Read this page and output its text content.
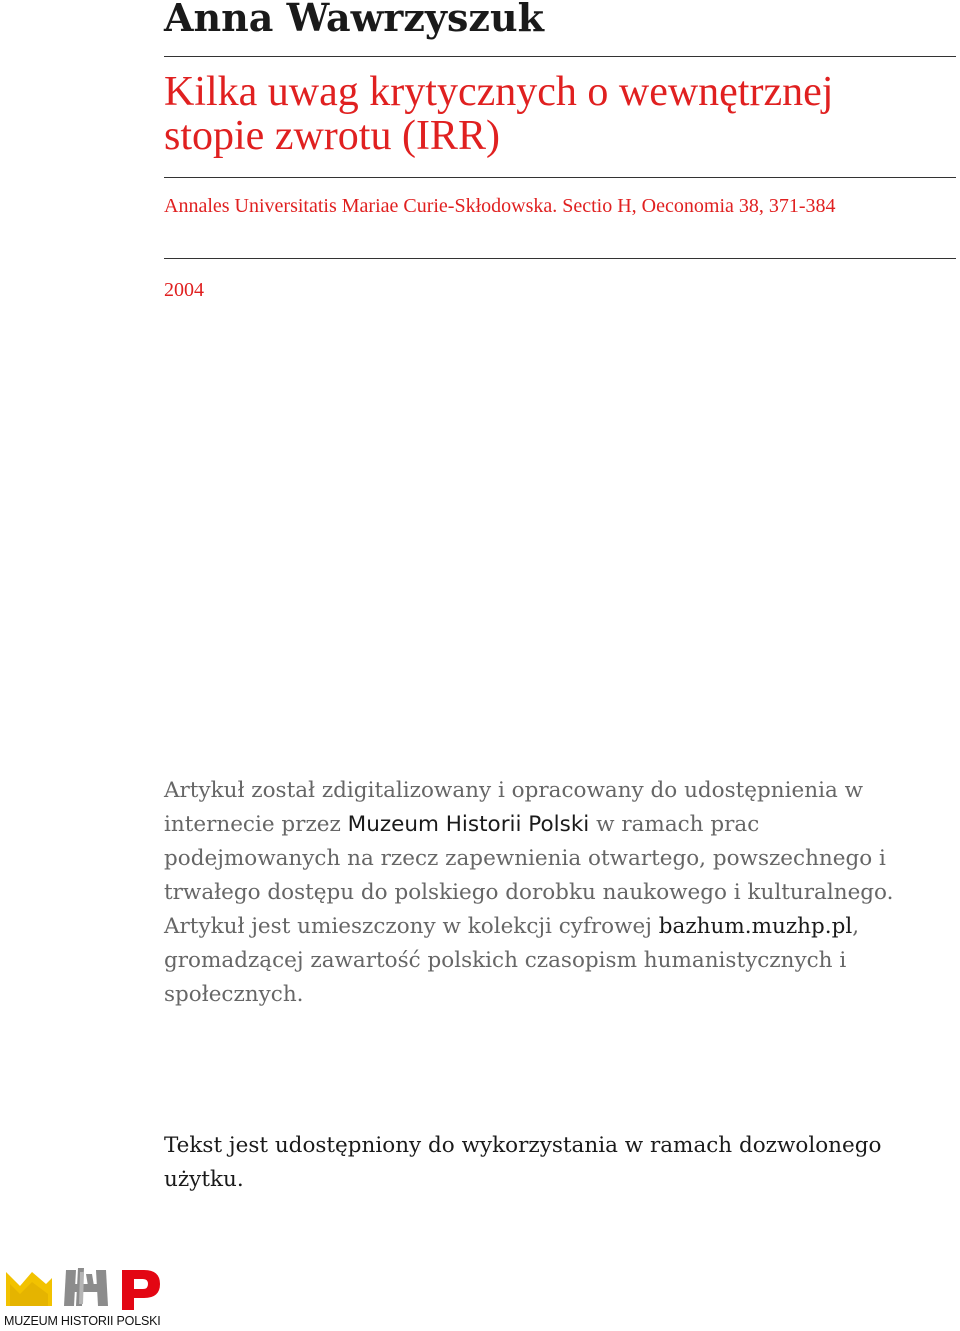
Anna Wawrzyszuk
Kilka uwag krytycznych o wewnętrznej stopie zwrotu (IRR)
Annales Universitatis Mariae Curie-Skłodowska. Sectio H, Oeconomia 38, 371-384
2004

Artykuł został zdigitalizowany i opracowany do udostępnienia w internecie przez Muzeum Historii Polski w ramach prac podejmowanych na rzecz zapewnienia otwartego, powszechnego i trwałego dostępu do polskiego dorobku naukowego i kulturalnego. Artykuł jest umieszczony w kolekcji cyfrowej bazhum.muzhp.pl, gromadzącej zawartość polskich czasopism humanistycznych i społecznych.

Tekst jest udostępniony do wykorzystania w ramach dozwolonego użytku.

MUZEUM HISTORII POLSKI
